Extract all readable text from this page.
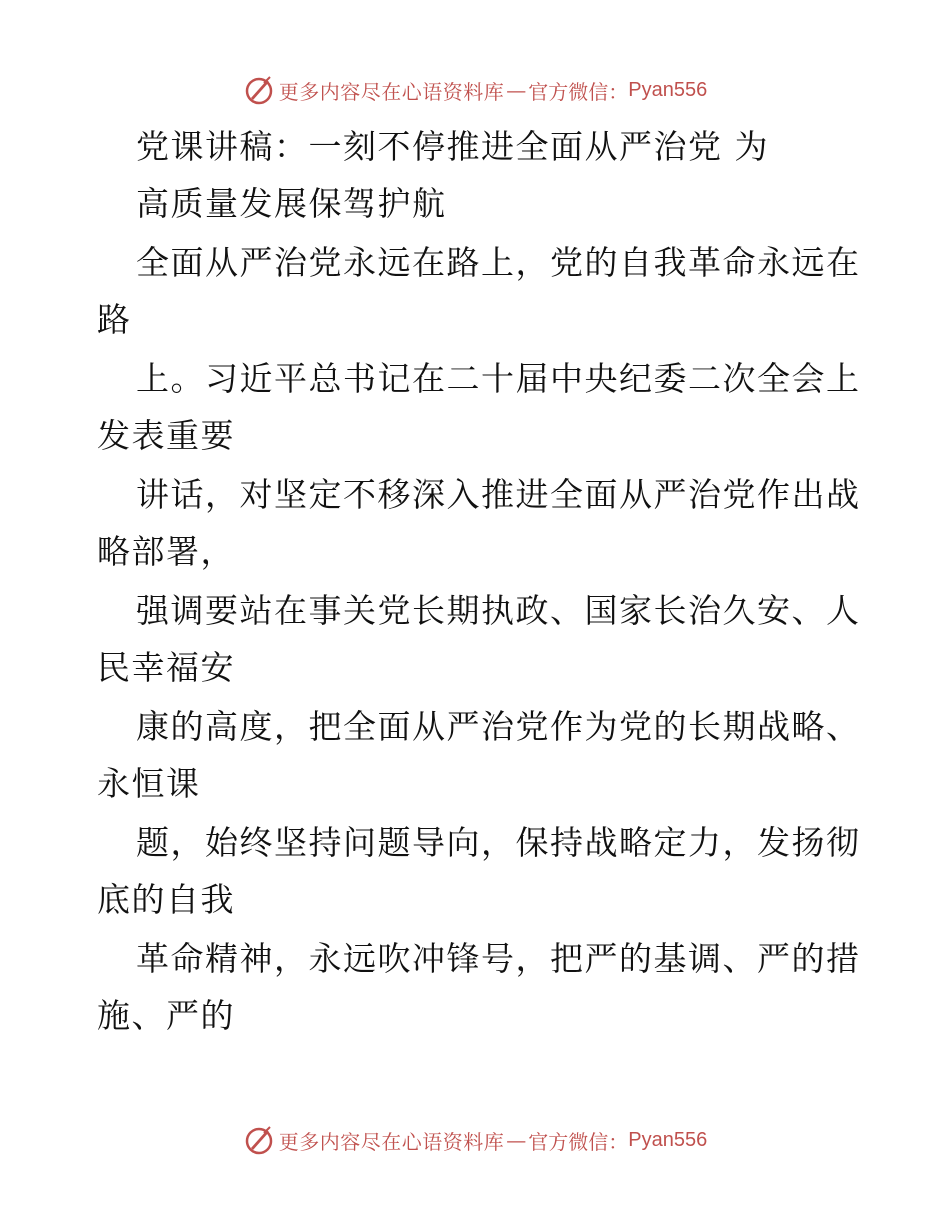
更多内容尽在心语资料库 — 官方微信： Pyan556
党课讲稿：一刻不停推进全面从严治党 为
高质量发展保驾护航
全面从严治党永远在路上，党的自我革命永远在
路
上。习近平总书记在二十届中央纪委二次全会上
发表重要
讲话，对坚定不移深入推进全面从严治党作出战
略部署，
强调要站在事关党长期执政、国家长治久安、人
民幸福安
康的高度，把全面从严治党作为党的长期战略、
永恒课
题，始终坚持问题导向，保持战略定力，发扬彻
底的自我
革命精神，永远吹冲锋号，把严的基调、严的措
施、严的
更多内容尽在心语资料库 — 官方微信： Pyan556
